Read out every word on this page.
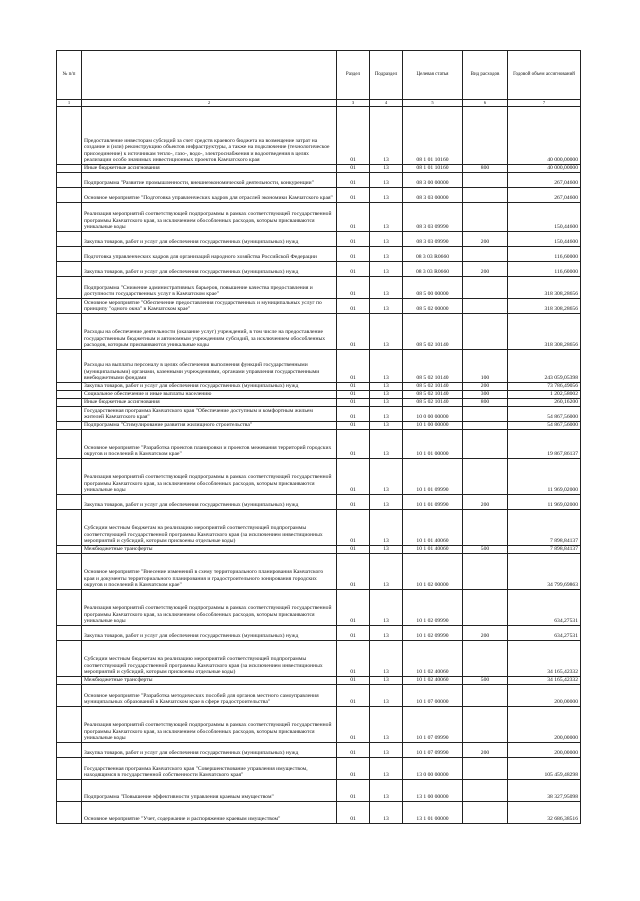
№ п/п		Раздел	Подраздел	Целевая статья	Вид расходов	Годовой объем ассигнований
1	2	3	4	5	6	7
	Предоставление инвесторам субсидий за счет средств краевого бюджета на возмещение затрат на создание и (или) реконструкцию объектов инфраструктуры, а также на подключение (технологическое присоединение) к источникам тепло-, газо-, водо-, электроснабжения и водоотведения в целях реализации особо значимых инвестиционных проектов Камчатского края	01	13	08 1 01 10160		40 000,00000
	Иные бюджетные ассигнования	01	13	08 1 01 10160	800	40 000,00000
	Подпрограмма "Развитие промышленности, внешнеэкономической деятельности, конкуренции"	01	13	08 3 00 00000		267,04600
	Основное мероприятие "Подготовка управленческих кадров для отраслей экономики Камчатского края"	01	13	08 3 03 00000		267,04600
	Реализация мероприятий соответствующей подпрограммы в рамках соответствующей государственной программы Камчатского края, за исключением обособленных расходов, которым присваиваются уникальные коды	01	13	08 3 03 09990		150,44600
	Закупка товаров, работ и услуг для обеспечения государственных (муниципальных) нужд	01	13	08 3 03 09990	200	150,44600
	Подготовка управленческих кадров для организаций народного хозяйства Российской Федерации	01	13	08 3 03 R0660		116,60000
	Закупка товаров, работ и услуг для обеспечения государственных (муниципальных) нужд	01	13	08 3 03 R0660	200	116,60000
	Подпрограмма "Снижение административных барьеров, повышение качества предоставления и доступности государственных услуг в Камчатском крае"	01	13	08 5 00 00000		318 308,28656
	Основное мероприятие "Обеспечение предоставления государственных и муниципальных услуг по принципу "одного окна" в Камчатском крае"	01	13	08 5 02 00000		318 308,28656
	Расходы на обеспечение деятельности (оказание услуг) учреждений, в том числе на предоставление государственным бюджетным и автономным учреждениям субсидий, за исключением обособленных расходов, которым присваиваются уникальные коды	01	13	08 5 02 10140		318 308,28656
	Расходы на выплаты персоналу в целях обеспечения выполнения функций государственными (муниципальными) органами, казенными учреждениями, органами управления государственными внебюджетными фондами	01	13	08 5 02 10140	100	243 059,05398
	Закупка товаров, работ и услуг для обеспечения государственных (муниципальных) нужд	01	13	08 5 02 10140	200	73 786,49056
	Социальное обеспечение и иные выплаты населению	01	13	08 5 02 10140	300	1 202,58002
	Иные бюджетные ассигнования	01	13	08 5 02 10140	800	260,16200
	Государственная программа Камчатского края "Обеспечение доступным и комфортным жильем жителей Камчатского края"	01	13	10 0 00 00000		54 867,56000
	Подпрограмма "Стимулирование развития жилищного строительства"	01	13	10 1 00 00000		54 867,56000
	Основное мероприятие "Разработка проектов планировки и проектов межевания территорий городских округов и поселений в Камчатском крае"	01	13	10 1 01 00000		19 867,86137
	Реализация мероприятий соответствующей подпрограммы в рамках соответствующей государственной программы Камчатского края, за исключением обособленных расходов, которым присваиваются уникальные коды	01	13	10 1 01 09990		11 969,02000
	Закупка товаров, работ и услуг для обеспечения государственных (муниципальных) нужд	01	13	10 1 01 09990	200	11 969,02000
	Субсидии местным бюджетам на реализацию мероприятий соответствующей подпрограммы соответствующей государственной программы Камчатского края (за исключением инвестиционных мероприятий и субсидий, которым присвоены отдельные коды)	01	13	10 1 01 40060		7 898,84137
	Межбюджетные трансферты	01	13	10 1 01 40060	500	7 898,84137
	Основное мероприятие "Внесение изменений в схему территориального планирования Камчатского края и документы территориального планирования и градостроительного зонирования городских округов и поселений в Камчатском крае"	01	13	10 1 02 00000		34 799,69863
	Реализация мероприятий соответствующей подпрограммы в рамках соответствующей государственной программы Камчатского края, за исключением обособленных расходов, которым присваиваются уникальные коды	01	13	10 1 02 09990		634,27531
	Закупка товаров, работ и услуг для обеспечения государственных (муниципальных) нужд	01	13	10 1 02 09990	200	634,27531
	Субсидии местным бюджетам на реализацию мероприятий соответствующей подпрограммы соответствующей государственной программы Камчатского края (за исключением инвестиционных мероприятий и субсидий, которым присвоены отдельные коды)	01	13	10 1 02 40060		34 165,42332
	Межбюджетные трансферты	01	13	10 1 02 40060	500	34 165,42332
	Основное мероприятие "Разработка методических пособий для органов местного самоуправления муниципальных образований в Камчатском крае в сфере градостроительства"	01	13	10 1 07 00000		200,00000
	Реализация мероприятий соответствующей подпрограммы в рамках соответствующей государственной программы Камчатского края, за исключением обособленных расходов, которым присваиваются уникальные коды	01	13	10 1 07 09990		200,00000
	Закупка товаров, работ и услуг для обеспечения государственных (муниципальных) нужд	01	13	10 1 07 09990	200	200,00000
	Государственная программа Камчатского края "Совершенствование управления имуществом, находящимся в государственной собственности Камчатского края"	01	13	13 0 00 00000		105 459,48298
	Подпрограмма "Повышение эффективности управления краевым имуществом"	01	13	13 1 00 00000		38 327,95098
	Основное мероприятие "Учет, содержание и распоряжение краевым имуществом"	01	13	13 1 01 00000		32 686,38516
